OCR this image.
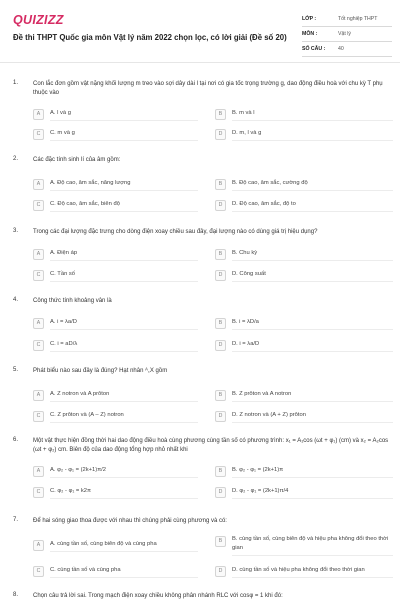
QUIZIZZ
Đề thi THPT Quốc gia môn Vật lý năm 2022 chọn lọc, có lời giải (Đề số 20)
LỚP :	Tốt nghiệp THPT
MÔN :	Vật lý
SỐ CÂU : 40
1. Con lắc đơn gồm vật nặng khối lượng m treo vào sợi dây dài l tại nơi có gia tốc trọng trường g, dao động điều hoà với chu kỳ T phụ thuộc vào
A	A. l và g	B	B. m và l
C	C. m và g	D	D. m, l và g
2. Các đặc tính sinh lí của âm gồm:
A	A. Độ cao, âm sắc, năng lượng	B	B. Độ cao, âm sắc, cường độ
C	C. Độ cao, âm sắc, biên độ	D	D. Độ cao, âm sắc, độ to
3. Trong các đại lượng đặc trưng cho dòng điện xoay chiều sau đây, đại lượng nào có dùng giá trị hiệu dụng?
A	A. Điện áp	B	B. Chu kỳ
C	C. Tần số	D	D. Công suất
4. Công thức tính khoảng vân là
A	A. i = λa/D	B	B. i = λD/a
C	C. i = aD/λ	D	D. i = λa/D
5. Phát biểu nào sau đây là đúng? Hạt nhân ᴬ꜀X gồm
A	A. Z notron và A prôton	B	B. Z prôton và A notron
C	C. Z prôton và (A – Z) notron	D	D. Z notron và (A + Z) prôton
6. Một vật thực hiện đồng thời hai dao động điều hoà cùng phương cùng tần số có phương trình: x₁ = A₁cos (ωt + φ₁) (cm) và x₂ = A₂cos (ωt + φ₂) cm. Biên độ của dao động tổng hợp nhỏ nhất khi
A	A. φ₂ - φ₁ = (2k+1)π/2	B	B. φ₂ - φ₁ = (2k+1)π
C	C. φ₂ - φ₁ = k2π	D	D. φ₂ - φ₁ = (2k+1)π/4
7. Để hai sóng giao thoa được với nhau thì chúng phải cùng phương và có:
A	A. cùng tần số, cùng biên độ và cùng pha	B	B. cùng tần số, cùng biên độ và hiệu pha không đổi theo thời gian
C	C. cùng tần số và cùng pha	D	D. cùng tần số và hiệu pha không đổi theo thời gian
8. Chọn câu trả lời sai. Trong mạch điện xoay chiều không phân nhánh RLC với cosφ = 1 khi đó:
